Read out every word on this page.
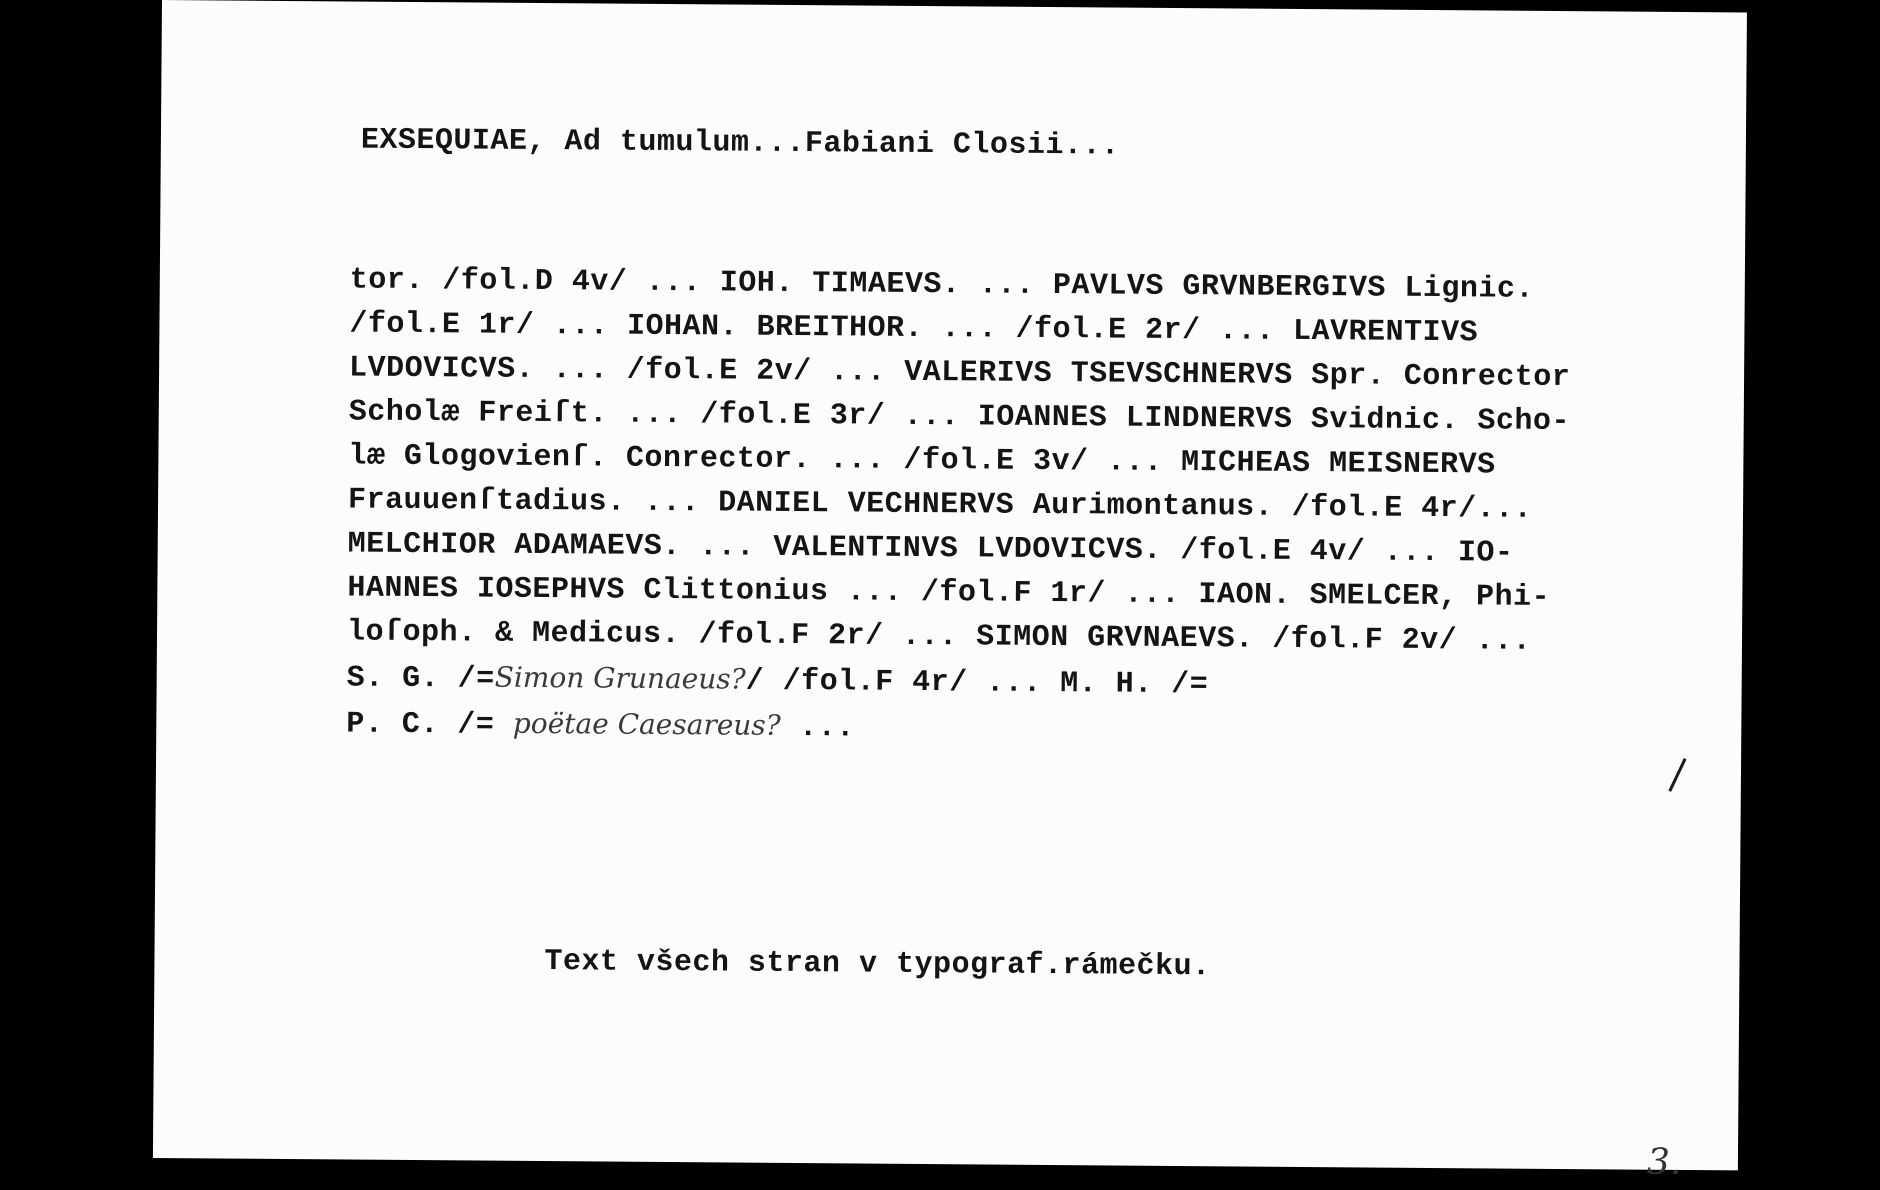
EXSEQUIAE, Ad tumulum...Fabiani Closii...
tor. /fol.D 4v/ ... IOH. TIMAEVS. ... PAVLVS GRVNBERGIVS Lignic.
/fol.E 1r/ ... IOHAN. BREITHOR. ... /fol.E 2r/ ... LAVRENTIVS
LVDOVICVS. ... /fol.E 2v/ ... VALERIVS TSEVSCHNERVS Spr. Conrector
Scholæ Freiſt. ... /fol.E 3r/ ... IOANNES LINDNERVS Svidnic. Scho-
læ Glogovienſ. Conrector. ... /fol.E 3v/ ... MICHEAS MEISNERVS
Frauuenſtadius. ... DANIEL VECHNERVS Aurimontanus. /fol.E 4r/...
MELCHIOR ADAMAEVS. ... VALENTINVS LVDOVICVS. /fol.E 4v/ ... IO-
HANNES IOSEPHVS Clittonius ... /fol.F 1r/ ... IAON. SMELCER, Phi-
loſoph. & Medicus. /fol.F 2r/ ... SIMON GRVNAEVS. /fol.F 2v/ ...
S. G. /=Simon Grunaeus?/ /fol.F 4r/ ... M. H. /=
P. C. /= poëtae Caesareus? ...
Text všech stran v typograf.rámečku.
3.
